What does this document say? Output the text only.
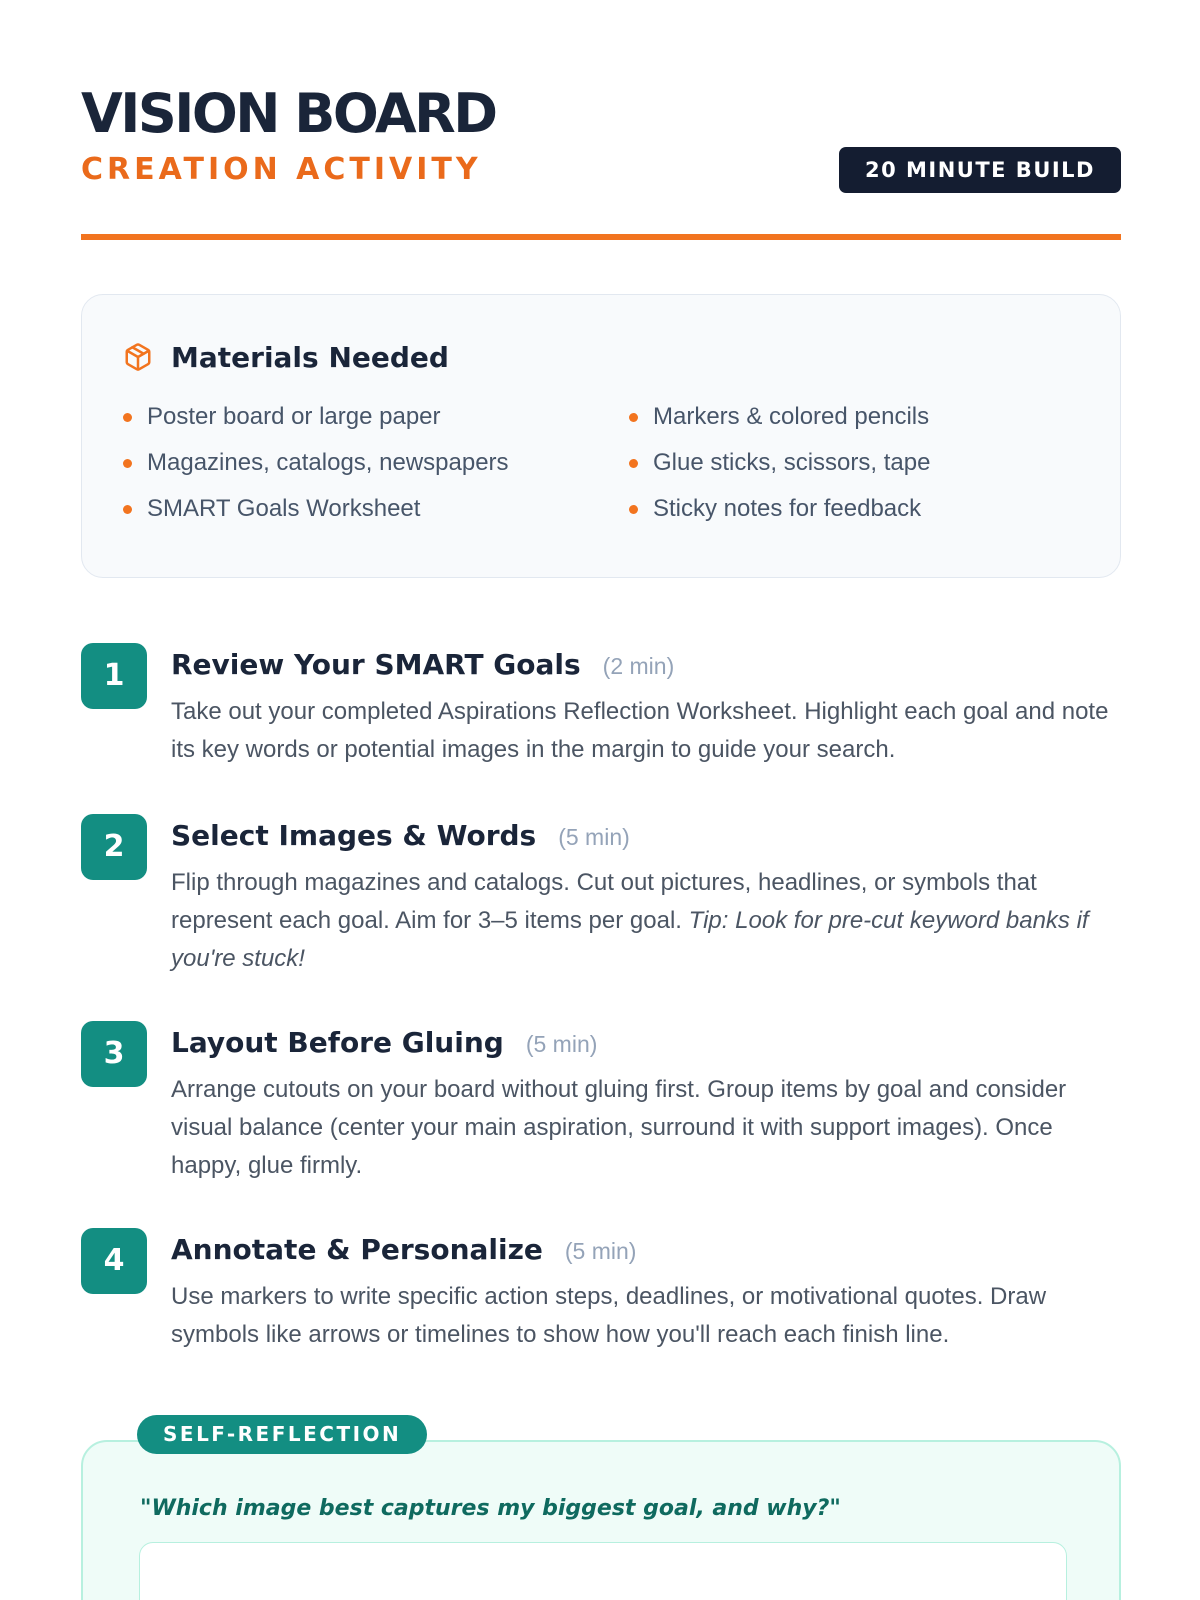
VISION BOARD
CREATION ACTIVITY	20 MINUTE BUILD
Materials Needed
Poster board or large paper
Magazines, catalogs, newspapers
SMART Goals Worksheet
Markers & colored pencils
Glue sticks, scissors, tape
Sticky notes for feedback
1	Review Your SMART Goals (2 min)

Take out your completed Aspirations Reflection Worksheet. Highlight each goal and note its key words or potential images in the margin to guide your search.

2	Select Images & Words (5 min)

Flip through magazines and catalogs. Cut out pictures, headlines, or symbols that represent each goal. Aim for 3–5 items per goal. Tip: Look for pre-cut keyword banks if you're stuck!

3	Layout Before Gluing (5 min)

Arrange cutouts on your board without gluing first. Group items by goal and consider visual balance (center your main aspiration, surround it with support images). Once happy, glue firmly.

4	Annotate & Personalize (5 min)

Use markers to write specific action steps, deadlines, or motivational quotes. Draw symbols like arrows or timelines to show how you'll reach each finish line.

"Which image best captures my biggest goal, and why?"
SELF-REFLECTION
